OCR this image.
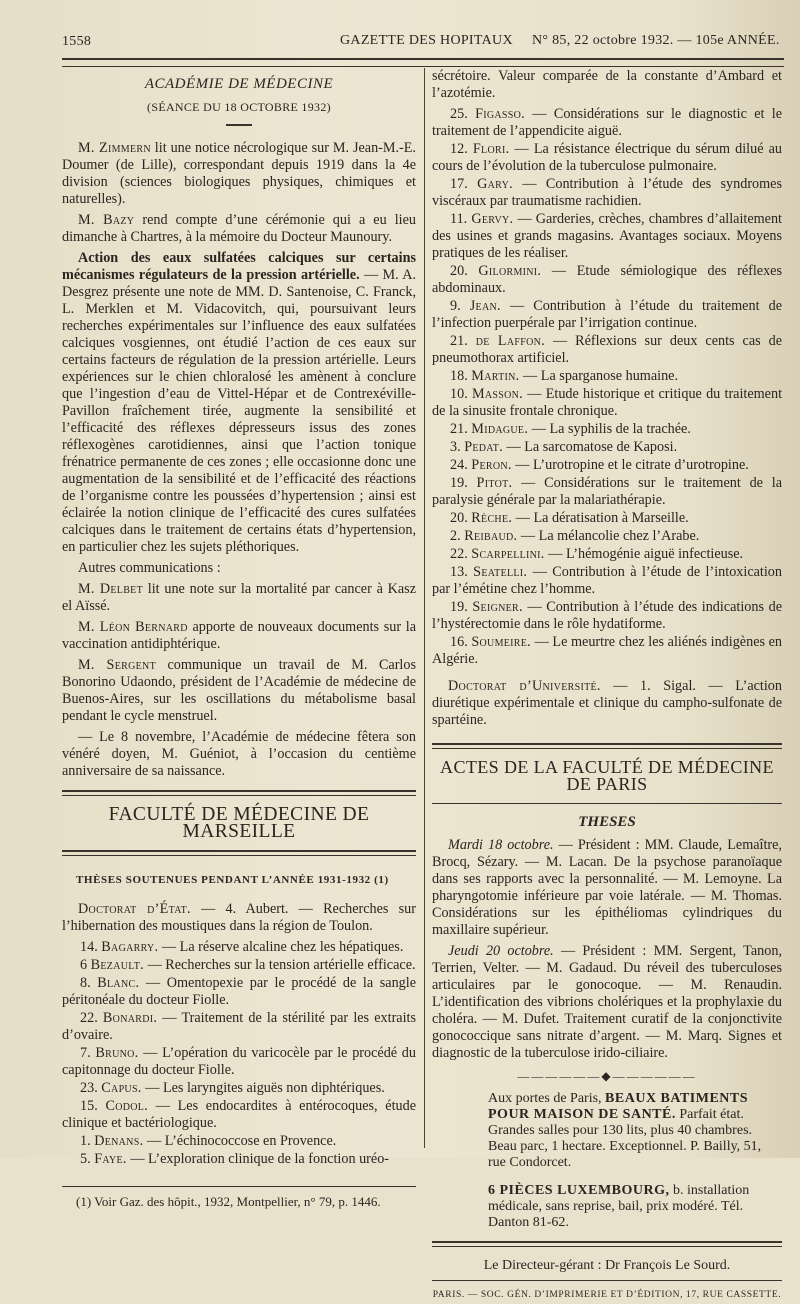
1558	GAZETTE DES HOPITAUX N° 85, 22 octobre 1932. — 105e ANNÉE.
ACADÉMIE DE MÉDECINE
(SÉANCE DU 18 OCTOBRE 1932)

M. Zimmern lit une notice nécrologique sur M. Jean-M.-E. Doumer (de Lille), correspondant depuis 1919 dans la 4e division (sciences biologiques physiques, chimiques et naturelles).

M. Bazy rend compte d’une cérémonie qui a eu lieu dimanche à Chartres, à la mémoire du Docteur Maunoury.

Action des eaux sulfatées calciques sur certains mécanismes régulateurs de la pression artérielle. — M. A. Desgrez présente une note de MM. D. Santenoise, C. Franck, L. Merklen et M. Vidacovitch, qui, poursuivant leurs recherches expérimentales sur l’influence des eaux sulfatées calciques vosgiennes, ont étudié l’action de ces eaux sur certains facteurs de régulation de la pression artérielle. Leurs expériences sur le chien chloralosé les amènent à conclure que l’ingestion d’eau de Vittel-Hépar et de Contrexéville-Pavillon fraîchement tirée, augmente la sensibilité et l’efficacité des réflexes dépresseurs issus des zones réflexogènes carotidiennes, ainsi que l’action tonique frénatrice permanente de ces zones ; elle occasionne donc une augmentation de la sensibilité et de l’efficacité des réactions de l’organisme contre les poussées d’hypertension ; ainsi est éclairée la notion clinique de l’efficacité des cures sulfatées calciques dans le traitement de certains états d’hypertension, en particulier chez les sujets pléthoriques.

Autres communications :

M. Delbet lit une note sur la mortalité par cancer à Kasz el Aïssé.

M. Léon Bernard apporte de nouveaux documents sur la vaccination antidiphtérique.

M. Sergent communique un travail de M. Carlos Bonorino Udaondo, président de l’Académie de médecine de Buenos-Aires, sur les oscillations du métabolisme basal pendant le cycle menstruel.

— Le 8 novembre, l’Académie de médecine fêtera son vénéré doyen, M. Guéniot, à l’occasion du centième anniversaire de sa naissance.

FACULTÉ DE MÉDECINE DE MARSEILLE
THÈSES SOUTENUES PENDANT L’ANNÉE 1931-1932 (1)

Doctorat d’État. — 4. Aubert. — Recherches sur l’hibernation des moustiques dans la région de Toulon.

14. Bagarry. — La réserve alcaline chez les hépatiques.

6 Bezault. — Recherches sur la tension artérielle efficace.

8. Blanc. — Omentopexie par le procédé de la sangle péritonéale du docteur Fiolle.

22. Bonardi. — Traitement de la stérilité par les extraits d’ovaire.

7. Bruno. — L’opération du varicocèle par le procédé du capitonnage du docteur Fiolle.

23. Capus. — Les laryngites aiguës non diphtériques.

15. Codol. — Les endocardites à entérocoques, étude clinique et bactériologique.

1. Denans. — L’échinococcose en Provence.

5. Faye. — L’exploration clinique de la fonction uréo-

(1) Voir Gaz. des hôpit., 1932, Montpellier, n° 79, p. 1446.

sécrétoire. Valeur comparée de la constante d’Ambard et l’azotémie.

25. Figasso. — Considérations sur le diagnostic et le traitement de l’appendicite aiguë.

12. Flori. — La résistance électrique du sérum dilué au cours de l’évolution de la tuberculose pulmonaire.

17. Gary. — Contribution à l’étude des syndromes viscéraux par traumatisme rachidien.

11. Gervy. — Garderies, crèches, chambres d’allaitement des usines et grands magasins. Avantages sociaux. Moyens pratiques de les réaliser.

20. Gilormini. — Etude sémiologique des réflexes abdominaux.

9. Jean. — Contribution à l’étude du traitement de l’infection puerpérale par l’irrigation continue.

21. de Laffon. — Réflexions sur deux cents cas de pneumothorax artificiel.

18. Martin. — La sparganose humaine.

10. Masson. — Etude historique et critique du traitement de la sinusite frontale chronique.

21. Midague. — La syphilis de la trachée.

3. Pedat. — La sarcomatose de Kaposi.

24. Peron. — L’urotropine et le citrate d’urotropine.

19. Pitot. — Considérations sur le traitement de la paralysie générale par la malariathérapie.

20. Rèche. — La dératisation à Marseille.

2. Reibaud. — La mélancolie chez l’Arabe.

22. Scarpellini. — L’hémogénie aiguë infectieuse.

13. Seatelli. — Contribution à l’étude de l’intoxication par l’émétine chez l’homme.

19. Seigner. — Contribution à l’étude des indications de l’hystérectomie dans le rôle hydatiforme.

16. Soumeire. — Le meurtre chez les aliénés indigènes en Algérie.

Doctorat d’Université. — 1. Sigal. — L’action diurétique expérimentale et clinique du campho-sulfonate de spartéine.

ACTES DE LA FACULTÉ DE MÉDECINE DE PARIS
THESES

Mardi 18 octobre. — Président : MM. Claude, Lemaître, Brocq, Sézary. — M. Lacan. De la psychose paranoïaque dans ses rapports avec la personnalité. — M. Lemoyne. La pharyngotomie inférieure par voie latérale. — M. Thomas. Considérations sur les épithéliomas cylindriques du maxillaire supérieur.

Jeudi 20 octobre. — Président : MM. Sergent, Tanon, Terrien, Velter. — M. Gadaud. Du réveil des tuberculoses articulaires par le gonocoque. — M. Renaudin. L’identification des vibrions cholériques et la prophylaxie du choléra. — M. Dufet. Traitement curatif de la conjonctivite gonococcique sans nitrate d’argent. — M. Marq. Signes et diagnostic de la tuberculose irido-ciliaire.

——————◆——————
Aux portes de Paris, BEAUX BATIMENTS POUR MAISON DE SANTÉ. Parfait état. Grandes salles pour 130 lits, plus 40 chambres. Beau parc, 1 hectare. Exceptionnel. P. Bailly, 51, rue Condorcet.
6 PIÈCES LUXEMBOURG, b. installation médicale, sans reprise, bail, prix modéré. Tél. Danton 81-62.
Le Directeur-gérant : Dr François Le Sourd.
PARIS. — SOC. GÉN. D’IMPRIMERIE ET D’ÉDITION, 17, RUE CASSETTE.
